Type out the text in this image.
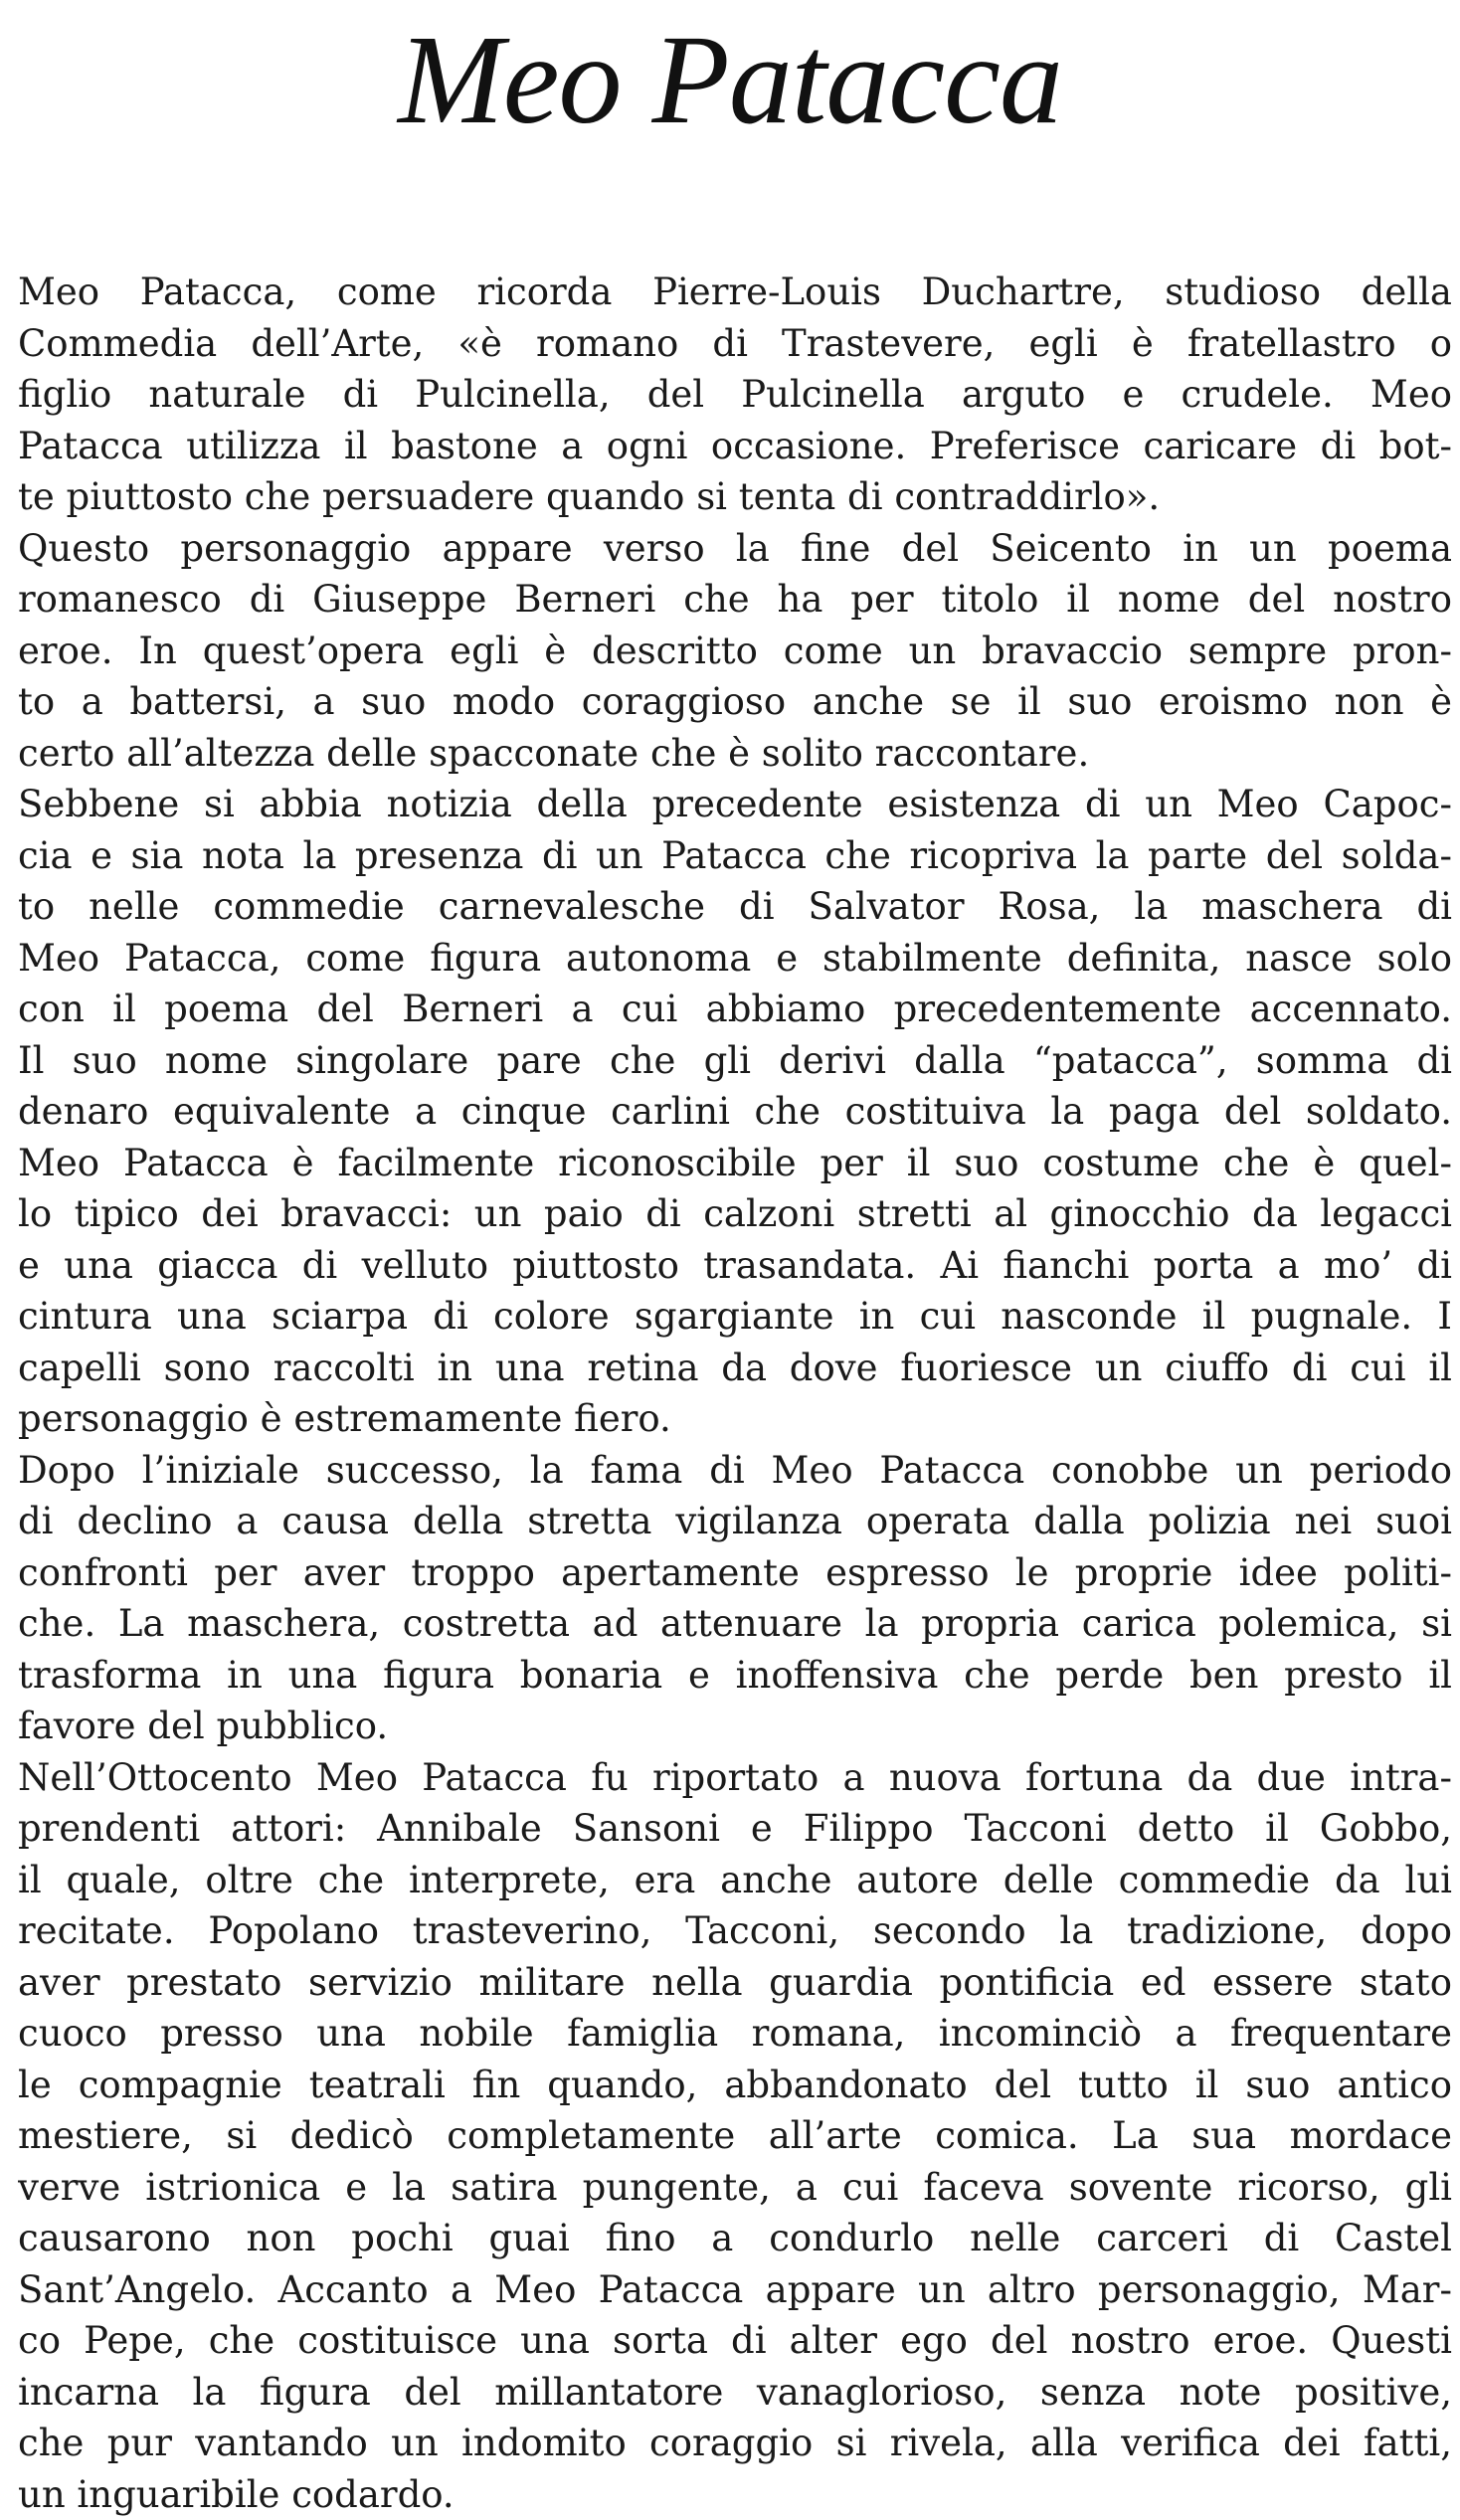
Meo Patacca
Meo Patacca, come ricorda Pierre-Louis Duchartre, studioso della
Commedia dell’Arte, «è romano di Trastevere, egli è fratellastro o
figlio naturale di Pulcinella, del Pulcinella arguto e crudele. Meo
Patacca utilizza il bastone a ogni occasione. Preferisce caricare di bot-
te piuttosto che persuadere quando si tenta di contraddirlo».
Questo personaggio appare verso la fine del Seicento in un poema
romanesco di Giuseppe Berneri che ha per titolo il nome del nostro
eroe. In quest’opera egli è descritto come un bravaccio sempre pron-
to a battersi, a suo modo coraggioso anche se il suo eroismo non è
certo all’altezza delle spacconate che è solito raccontare.
Sebbene si abbia notizia della precedente esistenza di un Meo Capoc-
cia e sia nota la presenza di un Patacca che ricopriva la parte del solda-
to nelle commedie carnevalesche di Salvator Rosa, la maschera di
Meo Patacca, come figura autonoma e stabilmente definita, nasce solo
con il poema del Berneri a cui abbiamo precedentemente accennato.
Il suo nome singolare pare che gli derivi dalla “patacca”, somma di
denaro equivalente a cinque carlini che costituiva la paga del soldato.
Meo Patacca è facilmente riconoscibile per il suo costume che è quel-
lo tipico dei bravacci: un paio di calzoni stretti al ginocchio da legacci
e una giacca di velluto piuttosto trasandata. Ai fianchi porta a mo’ di
cintura una sciarpa di colore sgargiante in cui nasconde il pugnale. I
capelli sono raccolti in una retina da dove fuoriesce un ciuffo di cui il
personaggio è estremamente fiero.
Dopo l’iniziale successo, la fama di Meo Patacca conobbe un periodo
di declino a causa della stretta vigilanza operata dalla polizia nei suoi
confronti per aver troppo apertamente espresso le proprie idee politi-
che. La maschera, costretta ad attenuare la propria carica polemica, si
trasforma in una figura bonaria e inoffensiva che perde ben presto il
favore del pubblico.
Nell’Ottocento Meo Patacca fu riportato a nuova fortuna da due intra-
prendenti attori: Annibale Sansoni e Filippo Tacconi detto il Gobbo,
il quale, oltre che interprete, era anche autore delle commedie da lui
recitate. Popolano trasteverino, Tacconi, secondo la tradizione, dopo
aver prestato servizio militare nella guardia pontificia ed essere stato
cuoco presso una nobile famiglia romana, incominciò a frequentare
le compagnie teatrali fin quando, abbandonato del tutto il suo antico
mestiere, si dedicò completamente all’arte comica. La sua mordace
verve istrionica e la satira pungente, a cui faceva sovente ricorso, gli
causarono non pochi guai fino a condurlo nelle carceri di Castel
Sant’Angelo. Accanto a Meo Patacca appare un altro personaggio, Mar-
co Pepe, che costituisce una sorta di alter ego del nostro eroe. Questi
incarna la figura del millantatore vanaglorioso, senza note positive,
che pur vantando un indomito coraggio si rivela, alla verifica dei fatti,
un inguaribile codardo.
